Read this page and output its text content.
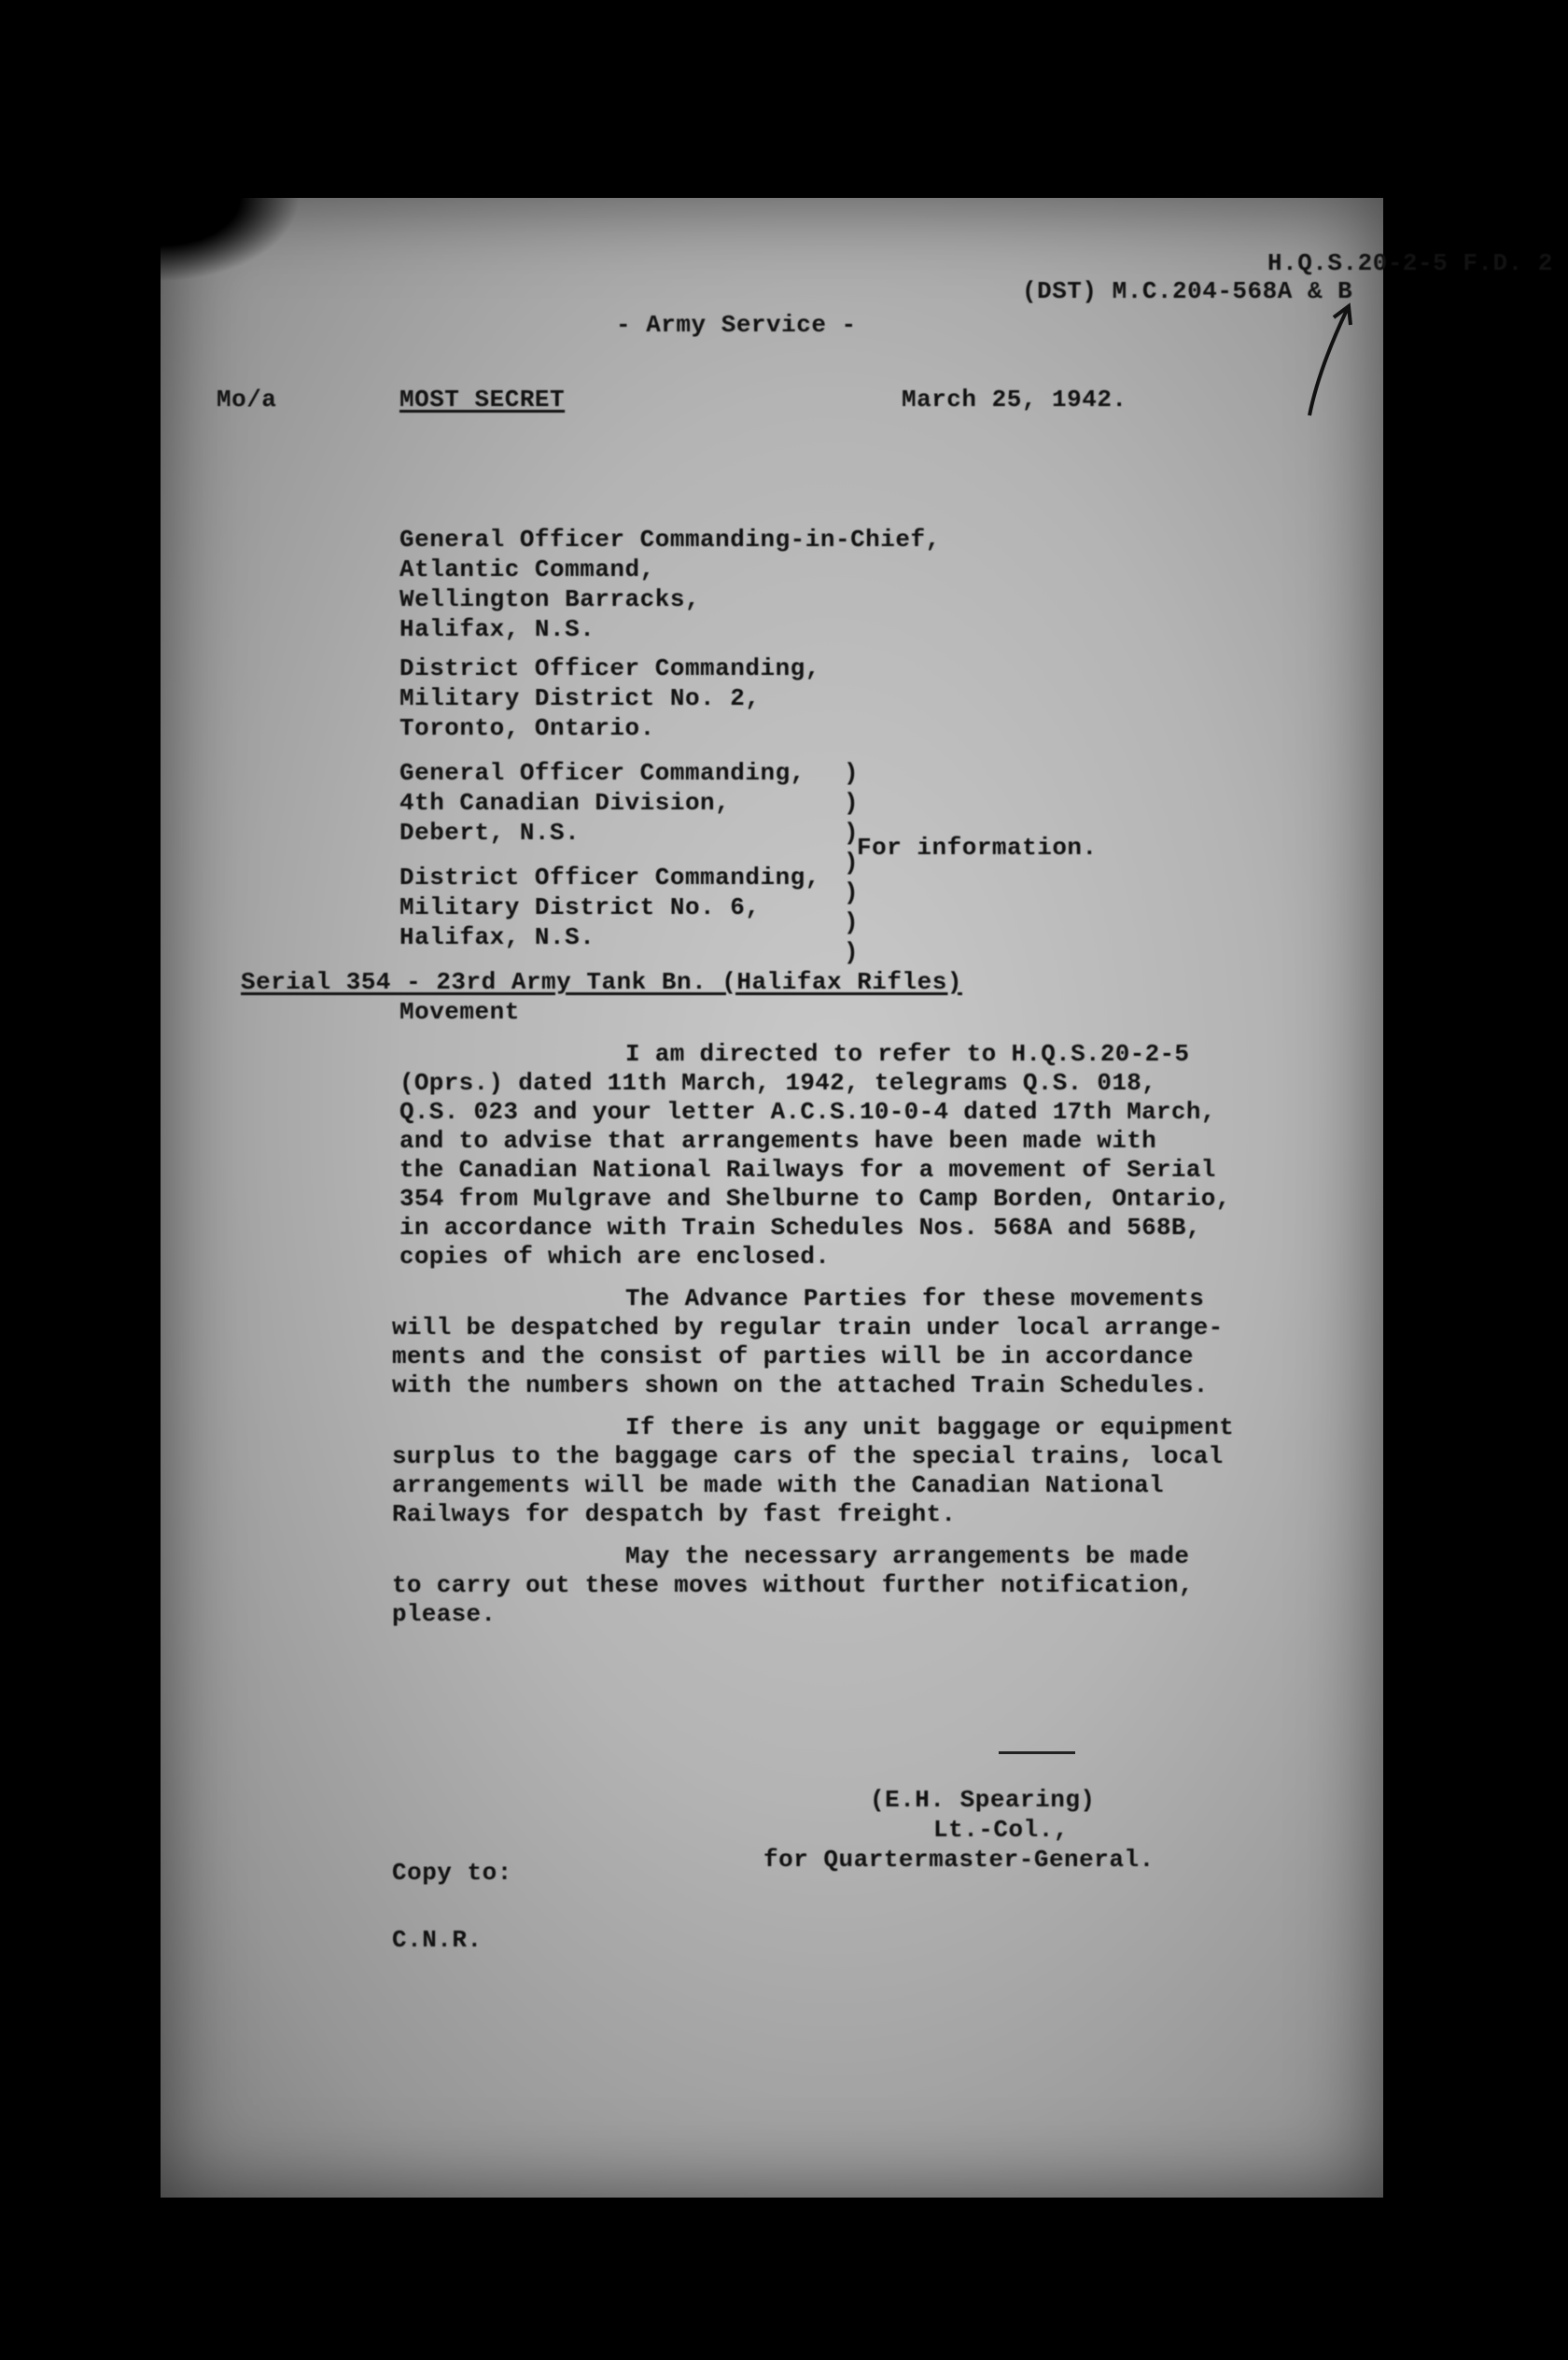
H.Q.S.20-2-5 F.D. 2
(DST) M.C.204-568A & B
- Army Service -
Mo/a	MOST SECRET	March 25, 1942.
General Officer Commanding-in-Chief,
Atlantic Command,
Wellington Barracks,
Halifax, N.S.
District Officer Commanding,
Military District No. 2,
Toronto, Ontario.
General Officer Commanding,
4th Canadian Division,
Debert, N.S.
District Officer Commanding,
Military District No. 6,
Halifax, N.S.
)
)
)
)
)
)
)
For information.
Serial 354 - 23rd Army Tank Bn. (Halifax Rifles)
Movement
I am directed to refer to H.Q.S.20-2-5
(Oprs.) dated 11th March, 1942, telegrams Q.S. 018,
Q.S. 023 and your letter A.C.S.10-0-4 dated 17th March,
and to advise that arrangements have been made with
the Canadian National Railways for a movement of Serial
354 from Mulgrave and Shelburne to Camp Borden, Ontario,
in accordance with Train Schedules Nos. 568A and 568B,
copies of which are enclosed.
The Advance Parties for these movements
will be despatched by regular train under local arrange-
ments and the consist of parties will be in accordance
with the numbers shown on the attached Train Schedules.
If there is any unit baggage or equipment
surplus to the baggage cars of the special trains, local
arrangements will be made with the Canadian National
Railways for despatch by fast freight.
May the necessary arrangements be made
to carry out these moves without further notification,
please.
(E.H. Spearing)
Lt.-Col.,
for Quartermaster-General.
Copy to:
C.N.R.
